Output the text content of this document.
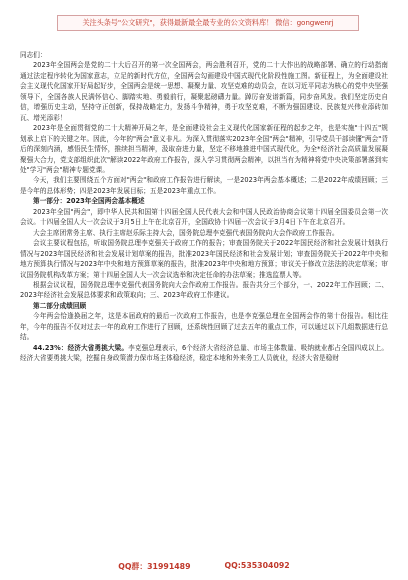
关注头条号"公文研究"，获得最新最全最专业的公文资料库！ 微信：gongwenrj

同志们：

2023年全国两会是党的二十大后召开的第一次全国两会，两会胜利召开，党的二十大作出的战略部署、确立的行动指南通过法定程序转化为国家意志，立足的新时代方位，全国两会勾画建设中国式现代化阶段性施工图。新征程上，为全面建设社会主义现代化国家开好局起好步，全国两会是统一思想、凝聚力量、攻坚克难的动员会，在以习近平同志为核心的党中央坚强领导下，全国各族人民满怀信心、脚踏实地、勇毅前行，凝聚起磅礴力量。踔厉奋发谱新篇，同步奋风发。我们坚定历史自信，增强历史主动，坚持守正创新，保持战略定力，发扬斗争精神，勇于攻坚克难，不断为强国建设、民族复兴伟业添砖加瓦、增光添彩！

2023年是全面贯彻党的二十大精神开局之年，是全面建设社会主义现代化国家新征程的起步之年，也是实施"十四五"规划承上启下的关键之年。因此，今年的"两会"意义非凡。为深入贯彻落实2023年全国"两会"精神，引导党员干部读懂"两会"背后的深刻内涵，感悟民生情怀，推续担当精神，汲取奋进力量，坚定不移地推进中国式现代化，为全*经济社会高质量发展凝聚强大合力，党支部组织此次"解读2022年政府工作报告，深入学习贯彻两会精神，以担当有为精神将党中央决策部署落到实处"学习"两会"精神专题党课。

今天，我们主要围绕五个方面对"两会"和政府工作报告进行解读，一是2023年两会基本概述；二是2022年成绩回顾；三是今年的总体形势；四是2023年发展目标；五是2023年重点工作。

第一部分：2023年全国两会基本概述

2023年全国"两会"，即中华人民共和国第十四届全国人民代表大会和中国人民政治协商会议第十四届全国委员会第一次会议。十四届全国人大一次会议于3月5日上午在北京召开，全国政协十四届一次会议于3月4日下午在北京召开。

大会主席团常务主席、执行主席赵乐际主持大会，国务院总理李克强代表国务院向大会作政府工作报告。

会议主要议程包括，听取国务院总理李克强关于政府工作的报告；审查国务院关于2022年国民经济和社会发展计划执行情况与2023年国民经济和社会发展计划草案的报告，批准2023年国民经济和社会发展计划；审查国务院关于2022年中央和地方预算执行情况与2023年中央和地方预算草案的报告，批准2023年中央和地方预算；审议关于修改立法法的决定草案；审议国务院机构改革方案；第十四届全国人大一次会议选举和决定任命的办法草案；推选监票人等。

根据会议议程，国务院总理李克强代表国务院向大会作政府工作报告。报告共分三个部分，一、2022年工作回顾；二、2023年经济社会发展总体要求和政策取向；三、2023年政府工作建议。

第二部分成绩回顾

今年两会恰逢换届之年，这是本届政府的最后一次政府工作报告，也是李克强总理在全国两会作的第十份报告。相比往年，今年的报告不仅对过去一年的政府工作进行了回顾，还系统性回顾了过去五年的重点工作，可以通过以下几组数据进行总结。

44.23%：经济大省勇挑大梁。李克强总理表示，6个经济大省经济总量、市场主体数量、吸纳就业都占全国四成以上。经济大省要勇挑大梁，挖掘自身政策潜力保市场主体稳经济，稳定本地和外来务工人员就业，经济大省是稳财

QQ群：31991489	QQ:535304092
